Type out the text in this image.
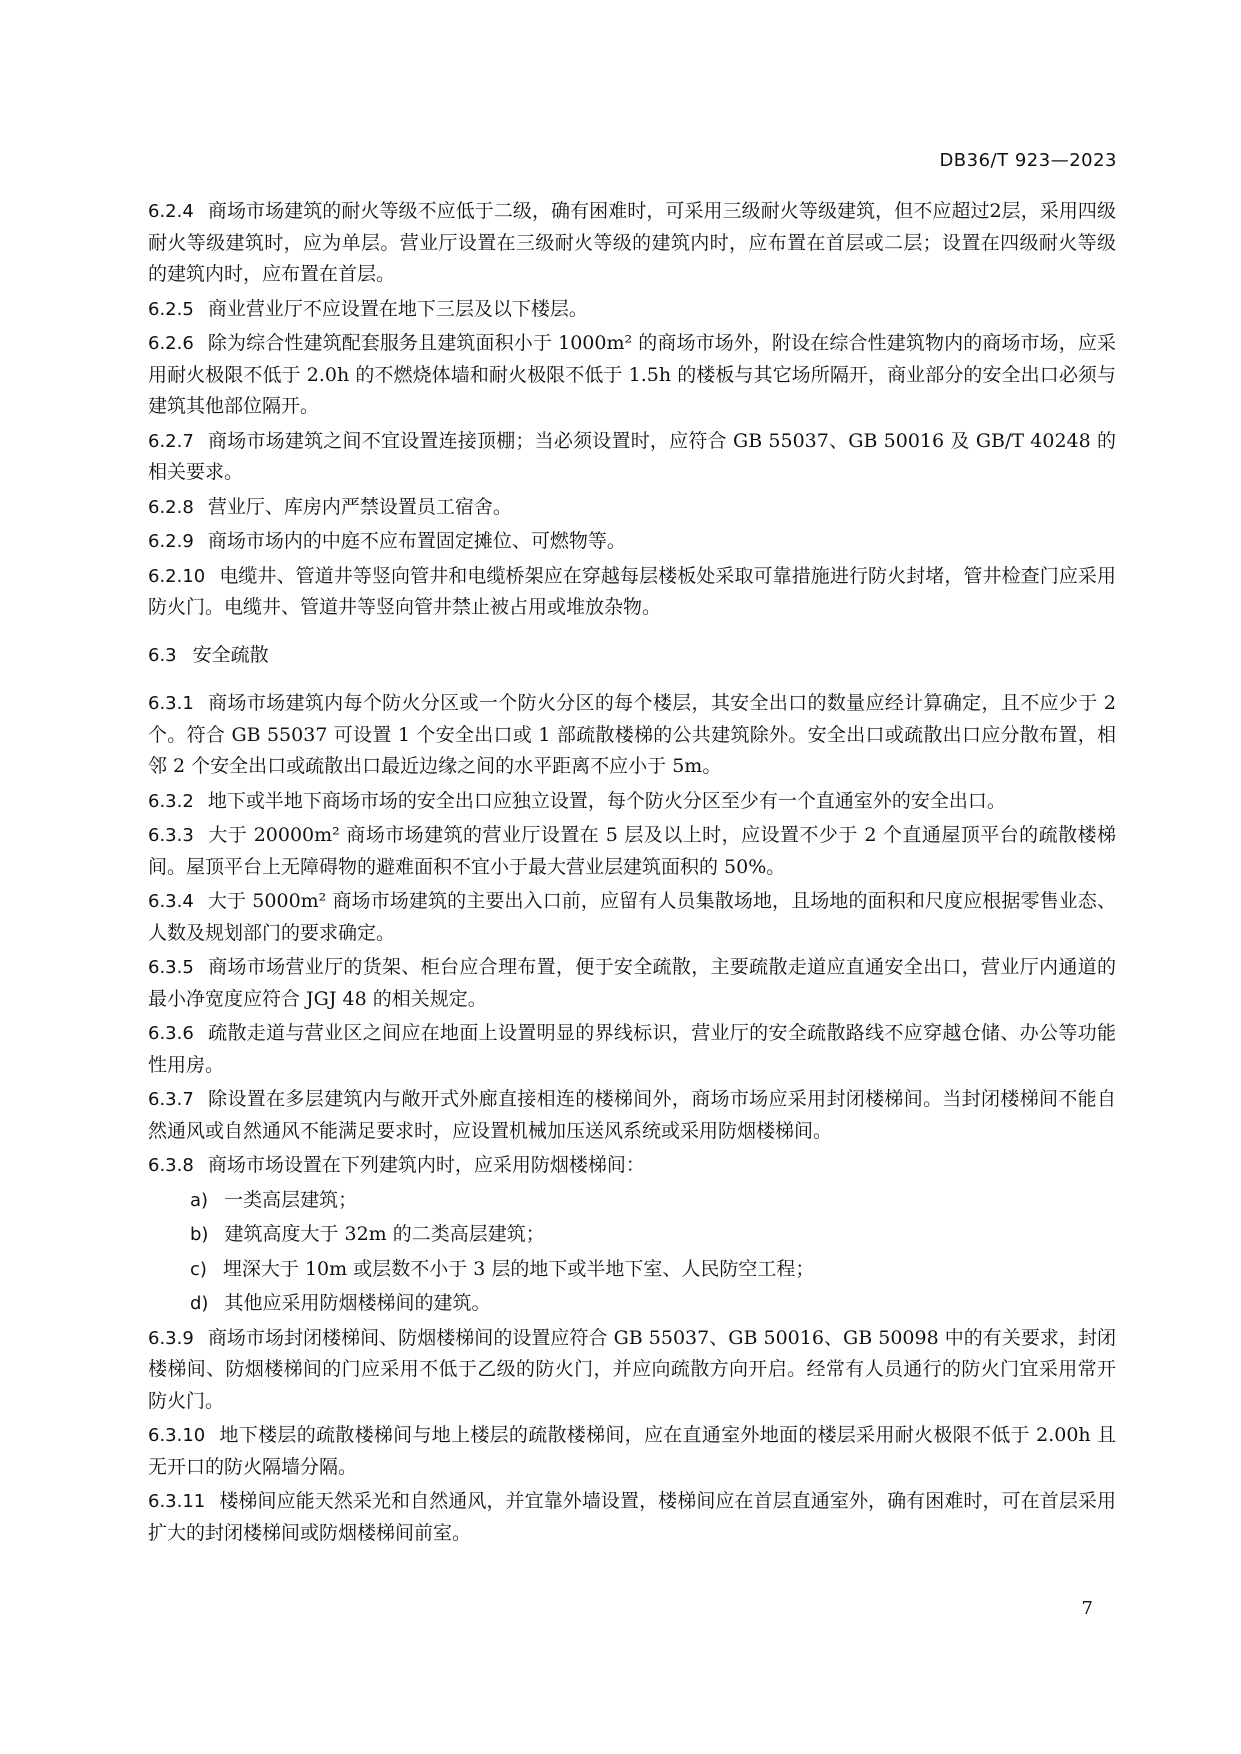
DB36/T 923—2023

6.2.4 商场市场建筑的耐火等级不应低于二级，确有困难时，可采用三级耐火等级建筑，但不应超过2层，采用四级耐火等级建筑时，应为单层。营业厅设置在三级耐火等级的建筑内时，应布置在首层或二层；设置在四级耐火等级的建筑内时，应布置在首层。

6.2.5 商业营业厅不应设置在地下三层及以下楼层。

6.2.6 除为综合性建筑配套服务且建筑面积小于 1000m² 的商场市场外，附设在综合性建筑物内的商场市场，应采用耐火极限不低于 2.0h 的不燃烧体墙和耐火极限不低于 1.5h 的楼板与其它场所隔开，商业部分的安全出口必须与建筑其他部位隔开。

6.2.7 商场市场建筑之间不宜设置连接顶棚；当必须设置时，应符合 GB 55037、GB 50016 及 GB/T 40248 的相关要求。

6.2.8 营业厅、库房内严禁设置员工宿舍。

6.2.9 商场市场内的中庭不应布置固定摊位、可燃物等。

6.2.10 电缆井、管道井等竖向管井和电缆桥架应在穿越每层楼板处采取可靠措施进行防火封堵，管井检查门应采用防火门。电缆井、管道井等竖向管井禁止被占用或堆放杂物。

6.3 安全疏散

6.3.1 商场市场建筑内每个防火分区或一个防火分区的每个楼层，其安全出口的数量应经计算确定，且不应少于 2 个。符合 GB 55037 可设置 1 个安全出口或 1 部疏散楼梯的公共建筑除外。安全出口或疏散出口应分散布置，相邻 2 个安全出口或疏散出口最近边缘之间的水平距离不应小于 5m。

6.3.2 地下或半地下商场市场的安全出口应独立设置，每个防火分区至少有一个直通室外的安全出口。

6.3.3 大于 20000m² 商场市场建筑的营业厅设置在 5 层及以上时，应设置不少于 2 个直通屋顶平台的疏散楼梯间。屋顶平台上无障碍物的避难面积不宜小于最大营业层建筑面积的 50%。

6.3.4 大于 5000m² 商场市场建筑的主要出入口前，应留有人员集散场地，且场地的面积和尺度应根据零售业态、人数及规划部门的要求确定。

6.3.5 商场市场营业厅的货架、柜台应合理布置，便于安全疏散，主要疏散走道应直通安全出口，营业厅内通道的最小净宽度应符合 JGJ 48 的相关规定。

6.3.6 疏散走道与营业区之间应在地面上设置明显的界线标识，营业厅的安全疏散路线不应穿越仓储、办公等功能性用房。

6.3.7 除设置在多层建筑内与敞开式外廊直接相连的楼梯间外，商场市场应采用封闭楼梯间。当封闭楼梯间不能自然通风或自然通风不能满足要求时，应设置机械加压送风系统或采用防烟楼梯间。

6.3.8 商场市场设置在下列建筑内时，应采用防烟楼梯间：

a) 一类高层建筑；
b) 建筑高度大于 32m 的二类高层建筑；
c) 埋深大于 10m 或层数不小于 3 层的地下或半地下室、人民防空工程；
d) 其他应采用防烟楼梯间的建筑。

6.3.9 商场市场封闭楼梯间、防烟楼梯间的设置应符合 GB 55037、GB 50016、GB 50098 中的有关要求，封闭楼梯间、防烟楼梯间的门应采用不低于乙级的防火门，并应向疏散方向开启。经常有人员通行的防火门宜采用常开防火门。

6.3.10 地下楼层的疏散楼梯间与地上楼层的疏散楼梯间，应在直通室外地面的楼层采用耐火极限不低于 2.00h 且无开口的防火隔墙分隔。

6.3.11 楼梯间应能天然采光和自然通风，并宜靠外墙设置，楼梯间应在首层直通室外，确有困难时，可在首层采用扩大的封闭楼梯间或防烟楼梯间前室。

7
